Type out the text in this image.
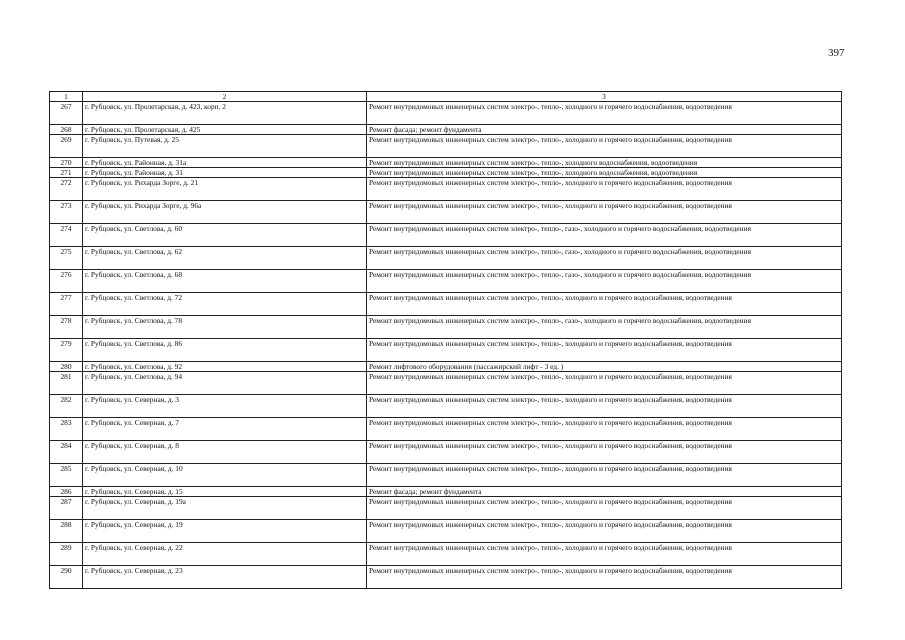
397
1	2	3
267	г. Рубцовск, ул. Пролетарская, д. 423, корп. 2	Ремонт внутридомовых инженерных систем электро-, тепло-, холодного и горячего водоснабжения, водоотведения
268	г. Рубцовск, ул. Пролетарская, д. 425	Ремонт фасада; ремонт фундамента
269	г. Рубцовск, ул. Путевая, д. 25	Ремонт внутридомовых инженерных систем электро-, тепло-, холодного и горячего водоснабжения, водоотведения
270	г. Рубцовск, ул. Районная, д. 31а	Ремонт внутридомовых инженерных систем электро-, тепло-, холодного водоснабжения, водоотведения
271	г. Рубцовск, ул. Районная, д. 31	Ремонт внутридомовых инженерных систем электро-, тепло-, холодного водоснабжения, водоотведения
272	г. Рубцовск, ул. Рихарда Зорге, д. 21	Ремонт внутридомовых инженерных систем электро-, тепло-, холодного и горячего водоснабжения, водоотведения
273	г. Рубцовск, ул. Рихарда Зорге, д. 96а	Ремонт внутридомовых инженерных систем электро-, тепло-, холодного и горячего водоснабжения, водоотведения
274	г. Рубцовск, ул. Светлова, д. 60	Ремонт внутридомовых инженерных систем электро-, тепло-, газо-, холодного и горячего водоснабжения, водоотведения
275	г. Рубцовск, ул. Светлова, д. 62	Ремонт внутридомовых инженерных систем электро-, тепло-, газо-, холодного и горячего водоснабжения, водоотведения
276	г. Рубцовск, ул. Светлова, д. 68	Ремонт внутридомовых инженерных систем электро-, тепло-, газо-, холодного и горячего водоснабжения, водоотведения
277	г. Рубцовск, ул. Светлова, д. 72	Ремонт внутридомовых инженерных систем электро-, тепло-, холодного и горячего водоснабжения, водоотведения
278	г. Рубцовск, ул. Светлова, д. 78	Ремонт внутридомовых инженерных систем электро-, тепло-, газо-, холодного и горячего водоснабжения, водоотведения
279	г. Рубцовск, ул. Светлова, д. 86	Ремонт внутридомовых инженерных систем электро-, тепло-, холодного и горячего водоснабжения, водоотведения
280	г. Рубцовск, ул. Светлова, д. 92	Ремонт лифтового оборудования (пассажирский лифт - 3 ед. )
281	г. Рубцовск, ул. Светлова, д. 94	Ремонт внутридомовых инженерных систем электро-, тепло-, холодного и горячего водоснабжения, водоотведения
282	г. Рубцовск, ул. Северная, д. 3	Ремонт внутридомовых инженерных систем электро-, тепло-, холодного и горячего водоснабжения, водоотведения
283	г. Рубцовск, ул. Северная, д. 7	Ремонт внутридомовых инженерных систем электро-, тепло-, холодного и горячего водоснабжения, водоотведения
284	г. Рубцовск, ул. Северная, д. 8	Ремонт внутридомовых инженерных систем электро-, тепло-, холодного и горячего водоснабжения, водоотведения
285	г. Рубцовск, ул. Северная, д. 10	Ремонт внутридомовых инженерных систем электро-, тепло-, холодного и горячего водоснабжения, водоотведения
286	г. Рубцовск, ул. Северная, д. 15	Ремонт фасада; ремонт фундамента
287	г. Рубцовск, ул. Северная, д. 19а	Ремонт внутридомовых инженерных систем электро-, тепло-, холодного и горячего водоснабжения, водоотведения
288	г. Рубцовск, ул. Северная, д. 19	Ремонт внутридомовых инженерных систем электро-, тепло-, холодного и горячего водоснабжения, водоотведения
289	г. Рубцовск, ул. Северная, д. 22	Ремонт внутридомовых инженерных систем электро-, тепло-, холодного и горячего водоснабжения, водоотведения
290	г. Рубцовск, ул. Северная, д. 23	Ремонт внутридомовых инженерных систем электро-, тепло-, холодного и горячего водоснабжения, водоотведения
